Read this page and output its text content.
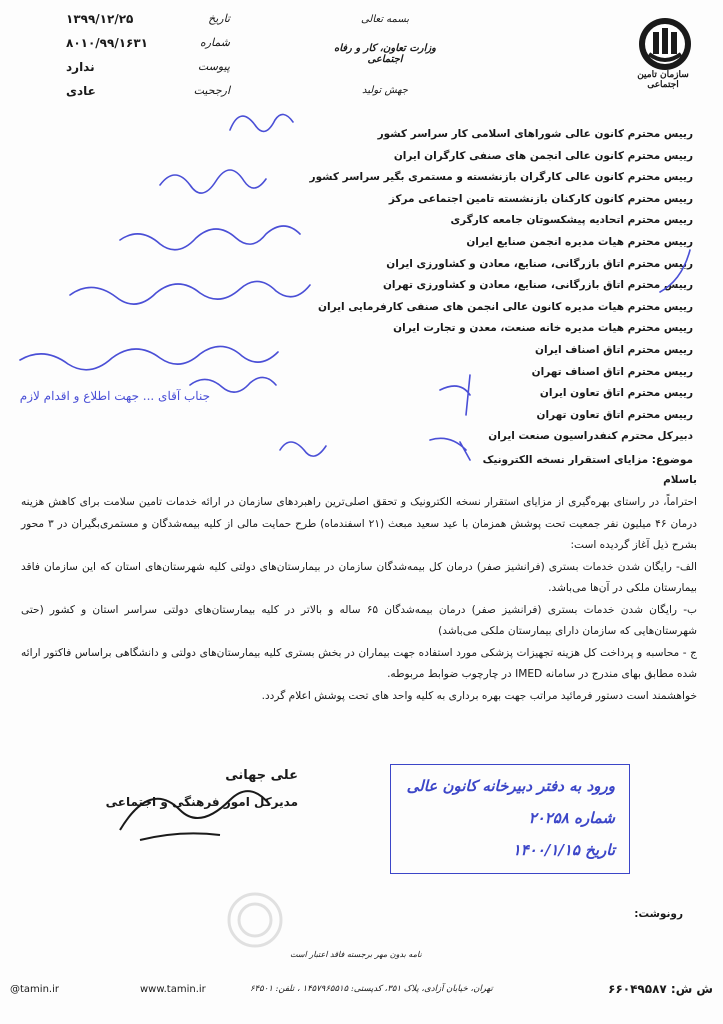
سازمان تامین اجتماعی
بسمه تعالی
وزارت تعاون، کار و رفاه اجتماعی
جهش تولید
تاریخ
۱۳۹۹/۱۲/۲۵
شماره
۸۰۱۰/۹۹/۱۶۳۱
پیوست
ندارد
ارجحیت
عادی
رییس محترم کانون عالی شوراهای اسلامی کار سراسر کشور
رییس محترم کانون عالی انجمن های صنفی کارگران ایران
رییس محترم کانون عالی کارگران بازنشسته و مستمری بگیر سراسر کشور
رییس محترم کانون کارکنان بازنشسته تامین اجتماعی مرکز
رییس محترم اتحادیه پیشکسوتان جامعه کارگری
رییس محترم هیات مدیره انجمن صنایع ایران
رییس محترم اتاق بازرگانی، صنایع، معادن و کشاورزی ایران
رییس محترم اتاق بازرگانی، صنایع، معادن و کشاورزی تهران
رییس محترم هیات مدیره کانون عالی انجمن های صنفی کارفرمایی ایران
رییس محترم هیات مدیره خانه صنعت، معدن و تجارت ایران
رییس محترم اتاق اصناف ایران
رییس محترم اتاق اصناف تهران
رییس محترم اتاق تعاون ایران
رییس محترم اتاق تعاون تهران
دبیرکل محترم کنفدراسیون صنعت ایران
موضوع: مزایای استقرار نسخه الکترونیک
باسلام
جناب آقای ... جهت اطلاع و اقدام لازم

احتراماً، در راستای بهره‌گیری از مزایای استقرار نسخه الکترونیک و تحقق اصلی‌ترین راهبردهای سازمان در ارائه خدمات تامین سلامت برای کاهش هزینه درمان ۴۶ میلیون نفر جمعیت تحت پوشش همزمان با عید سعید مبعث (۲۱ اسفندماه) طرح حمایت مالی از کلیه بیمه‌شدگان و مستمری‌بگیران در ۳ محور بشرح ذیل آغاز گردیده است:

الف- رایگان شدن خدمات بستری (فرانشیز صفر) درمان کل بیمه‌شدگان سازمان در بیمارستان‌های دولتی کلیه شهرستان‌های استان که این سازمان فاقد بیمارستان ملکی در آن‌ها می‌باشد.

ب- رایگان شدن خدمات بستری (فرانشیز صفر) درمان بیمه‌شدگان ۶۵ ساله و بالاتر در کلیه بیمارستان‌های دولتی سراسر استان و کشور (حتی شهرستان‌هایی که سازمان دارای بیمارستان ملکی می‌باشد)

ج - محاسبه و پرداخت کل هزینه تجهیزات پزشکی مورد استفاده جهت بیماران در بخش بستری کلیه بیمارستان‌های دولتی و دانشگاهی براساس فاکتور ارائه شده مطابق بهای مندرج در سامانه IMED در چارچوب ضوابط مربوطه.

خواهشمند است دستور فرمائید مراتب جهت بهره برداری به کلیه واحد های تحت پوشش اعلام گردد.

علی جهانی
مدیرکل امور فرهنگی و اجتماعی
ورود به دفتر دبیرخانه کانون عالی
شماره ۲۰۲۵۸
تاریخ ۱۴۰۰/۱/۱۵
رونوشت:
نامه بدون مهر برجسته فاقد اعتبار است
ش ش: ۶۶۰۴۹۵۸۷
تهران، خیابان آزادی، پلاک ۳۵۱، کدپستی: ۱۴۵۷۹۶۵۵۱۵ ، تلفن: ۶۴۵۰۱
www.tamin.ir
@tamin.ir
